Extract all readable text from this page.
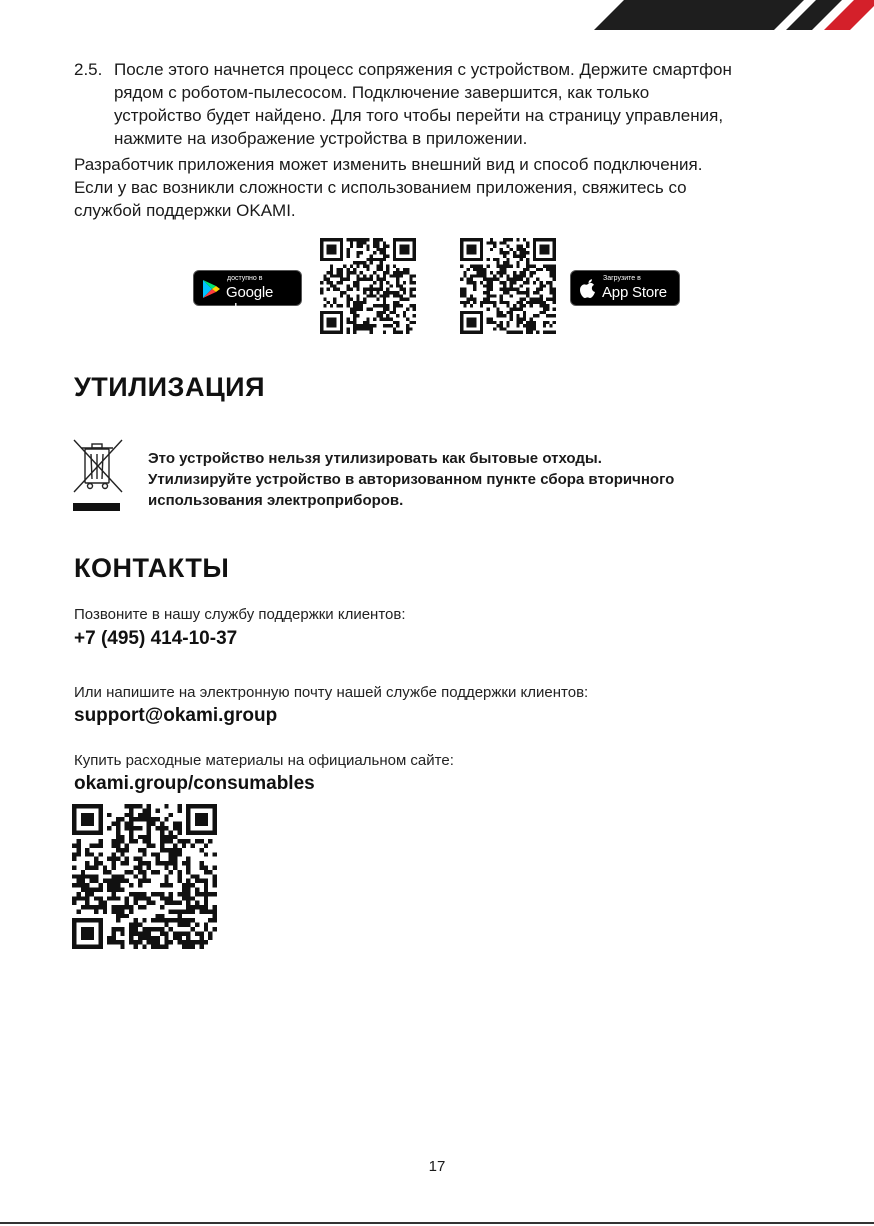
2.5. После этого начнется процесс сопряжения с устройством. Держите смартфон
рядом с роботом-пылесосом. Подключение завершится, как только
устройство будет найдено. Для того чтобы перейти на страницу управления,
нажмите на изображение устройства в приложении.
Разработчик приложения может изменить внешний вид и способ подключения.
Если у вас возникли сложности с использованием приложения, свяжитесь со
службой поддержки OKAMI.
доступно в
Google play
Загрузите в
App Store
УТИЛИЗАЦИЯ
Это устройство нельзя утилизировать как бытовые отходы.
Утилизируйте устройство в авторизованном пункте сбора вторичного
использования электроприборов.
КОНТАКТЫ
Позвоните в нашу службу поддержки клиентов:
+7 (495) 414-10-37
Или напишите на электронную почту нашей службе поддержки клиентов:
support@okami.group
Купить расходные материалы на официальном сайте:
okami.group/consumables
17
